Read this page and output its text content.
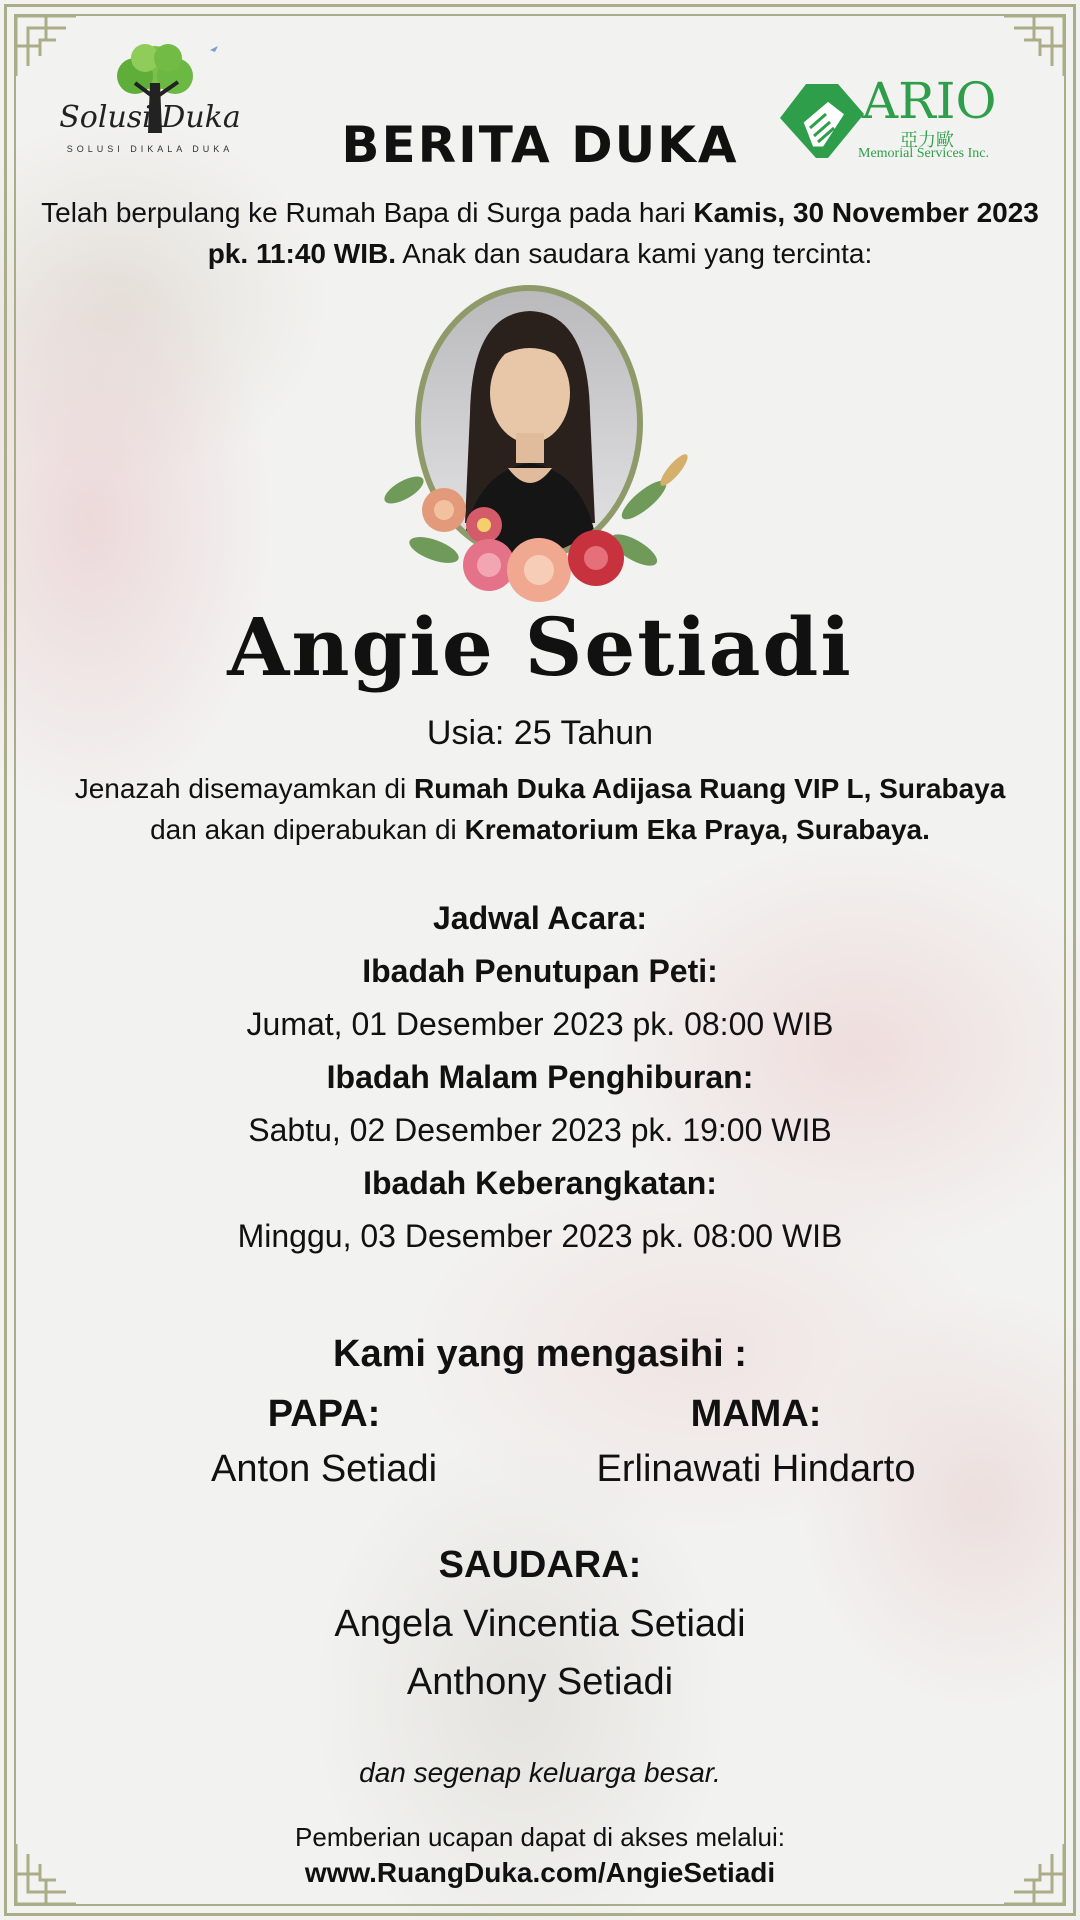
Solusi Duka
SOLUSI DIKALA DUKA	BERITA DUKA
ARIO
亞力歐
Memorial Services Inc.
Telah berpulang ke Rumah Bapa di Surga pada hari Kamis, 30 November 2023
pk. 11:40 WIB. Anak dan saudara kami yang tercinta:
Angie Setiadi
Usia: 25 Tahun
Jenazah disemayamkan di Rumah Duka Adijasa Ruang VIP L, Surabaya
dan akan diperabukan di Krematorium Eka Praya, Surabaya.
Jadwal Acara:
Ibadah Penutupan Peti:
Jumat, 01 Desember 2023 pk. 08:00 WIB
Ibadah Malam Penghiburan:
Sabtu, 02 Desember 2023 pk. 19:00 WIB
Ibadah Keberangkatan:
Minggu, 03 Desember 2023 pk. 08:00 WIB
Kami yang mengasihi :
PAPA:
Anton Setiadi
MAMA:
Erlinawati Hindarto
SAUDARA:
Angela Vincentia Setiadi
Anthony Setiadi
dan segenap keluarga besar.
Pemberian ucapan dapat di akses melalui:
www.RuangDuka.com/AngieSetiadi
